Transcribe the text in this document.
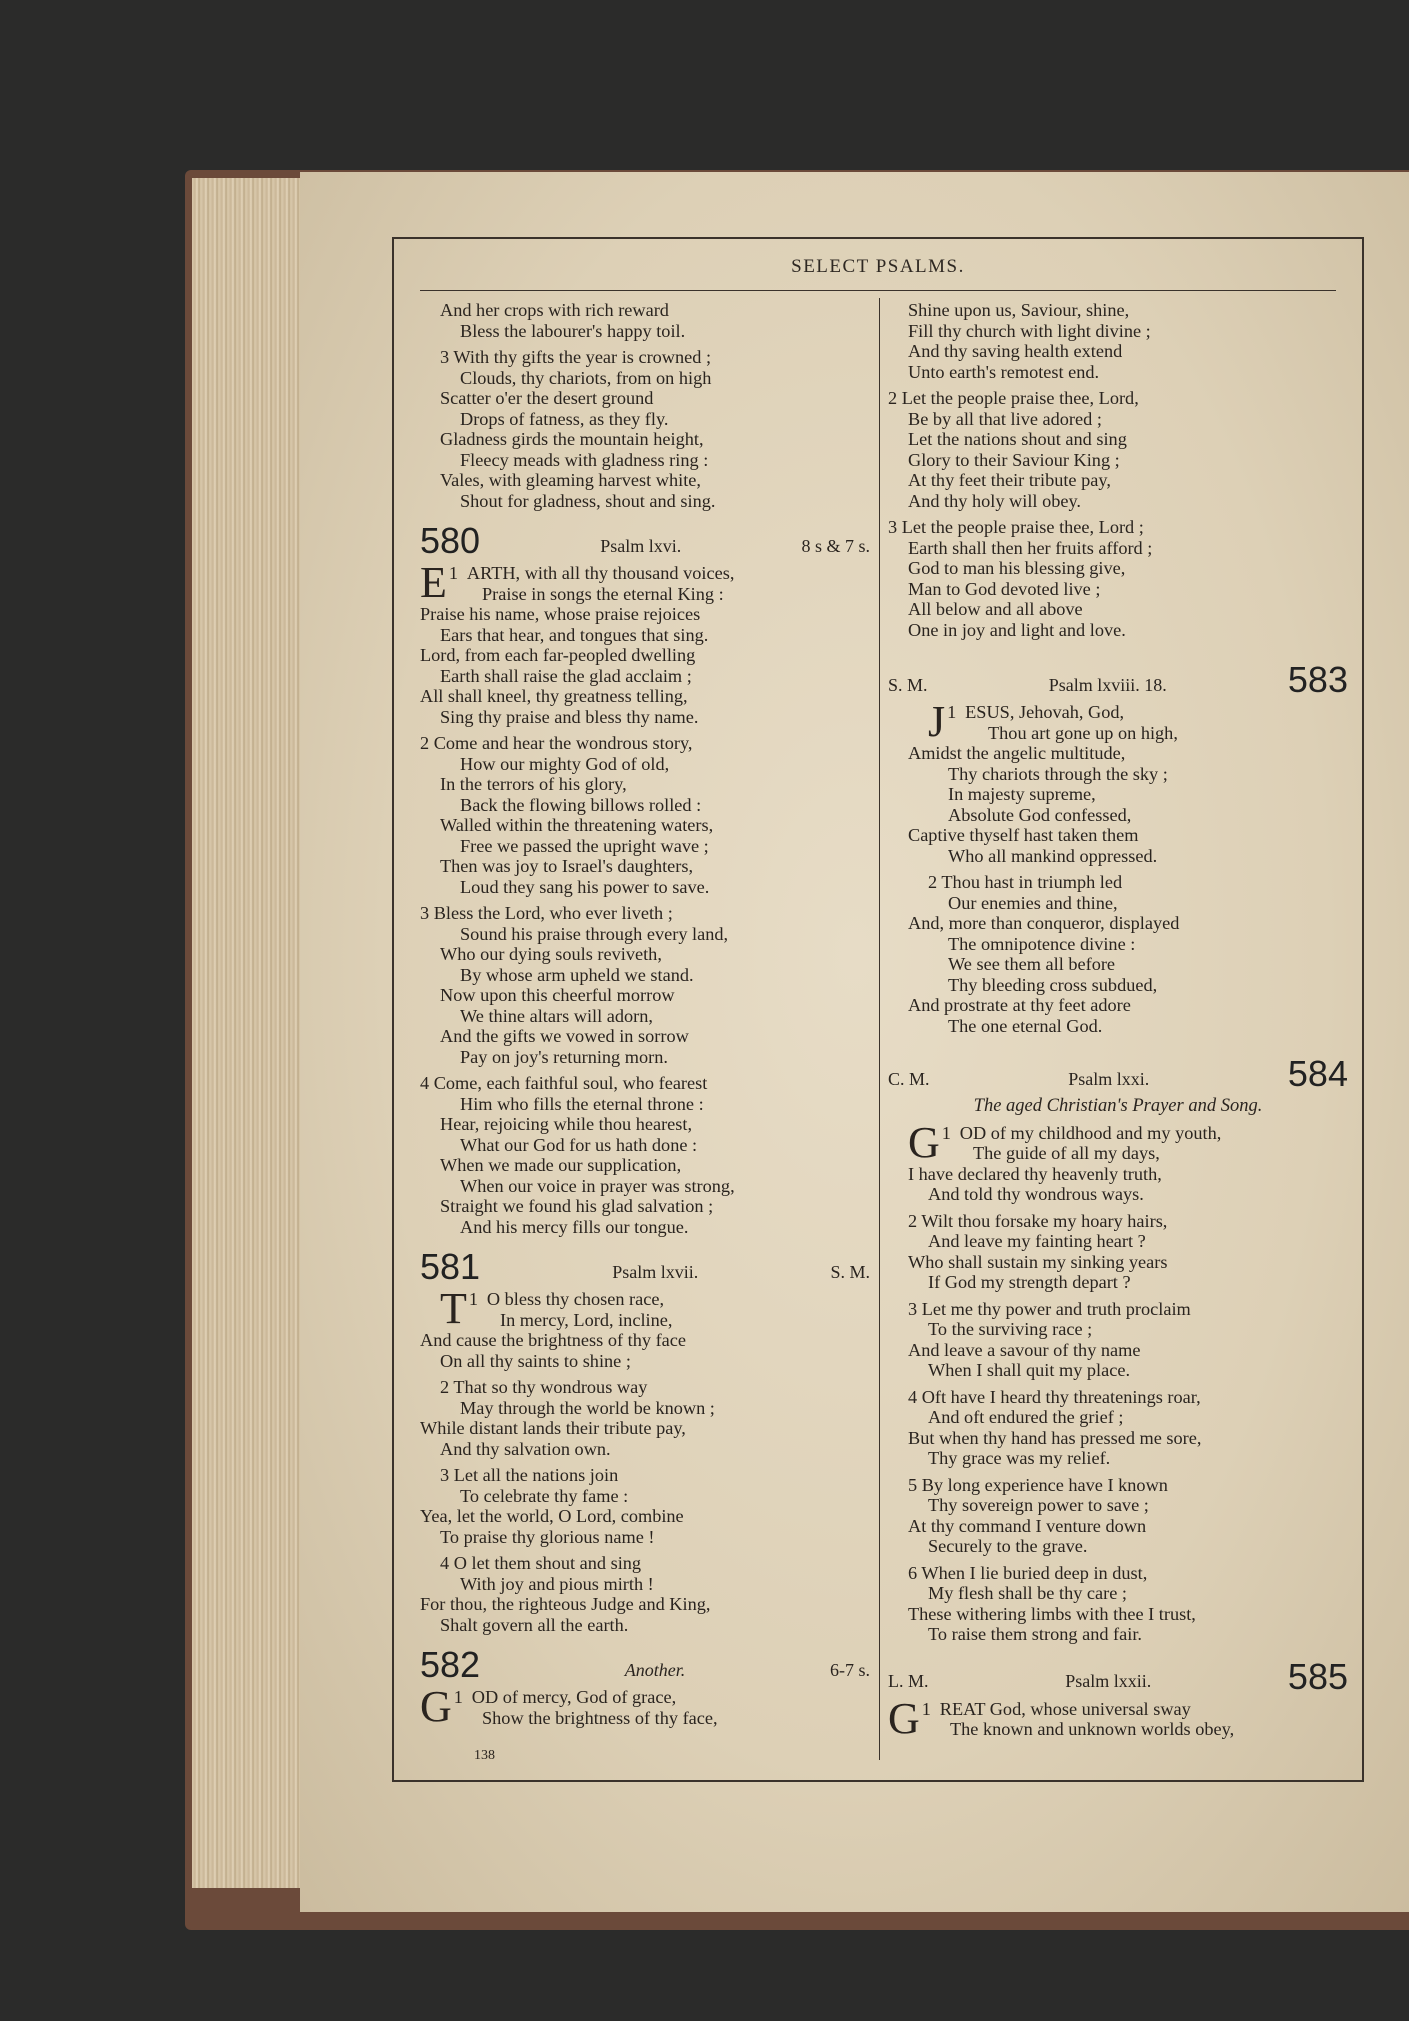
SELECT PSALMS.
And her crops with rich reward
Bless the labourer's happy toil.
3 With thy gifts the year is crowned ;
Clouds, thy chariots, from on high
Scatter o'er the desert ground
Drops of fatness, as they fly.
Gladness girds the mountain height,
Fleecy meads with gladness ring :
Vales, with gleaming harvest white,
Shout for gladness, shout and sing.
580	Psalm lxvi.	8 s & 7 s.
1
E ARTH, with all thy thousand voices,
Praise in songs the eternal King :
Praise his name, whose praise rejoices
Ears that hear, and tongues that sing.
Lord, from each far-peopled dwelling
Earth shall raise the glad acclaim ;
All shall kneel, thy greatness telling,
Sing thy praise and bless thy name.
2 Come and hear the wondrous story,
How our mighty God of old,
In the terrors of his glory,
Back the flowing billows rolled :
Walled within the threatening waters,
Free we passed the upright wave ;
Then was joy to Israel's daughters,
Loud they sang his power to save.
3 Bless the Lord, who ever liveth ;
Sound his praise through every land,
Who our dying souls reviveth,
By whose arm upheld we stand.
Now upon this cheerful morrow
We thine altars will adorn,
And the gifts we vowed in sorrow
Pay on joy's returning morn.
4 Come, each faithful soul, who fearest
Him who fills the eternal throne :
Hear, rejoicing while thou hearest,
What our God for us hath done :
When we made our supplication,
When our voice in prayer was strong,
Straight we found his glad salvation ;
And his mercy fills our tongue.
581	Psalm lxvii.	S. M.
1
T O bless thy chosen race,
In mercy, Lord, incline,
And cause the brightness of thy face
On all thy saints to shine ;
2 That so thy wondrous way
May through the world be known ;
While distant lands their tribute pay,
And thy salvation own.
3 Let all the nations join
To celebrate thy fame :
Yea, let the world, O Lord, combine
To praise thy glorious name !
4 O let them shout and sing
With joy and pious mirth !
For thou, the righteous Judge and King,
Shalt govern all the earth.
582	Another.	6-7 s.
1
G OD of mercy, God of grace,
Show the brightness of thy face,
Shine upon us, Saviour, shine,
Fill thy church with light divine ;
And thy saving health extend
Unto earth's remotest end.
2 Let the people praise thee, Lord,
Be by all that live adored ;
Let the nations shout and sing
Glory to their Saviour King ;
At thy feet their tribute pay,
And thy holy will obey.
3 Let the people praise thee, Lord ;
Earth shall then her fruits afford ;
God to man his blessing give,
Man to God devoted live ;
All below and all above
One in joy and light and love.
S. M.	Psalm lxviii. 18.	583
1
J ESUS, Jehovah, God,
Thou art gone up on high,
Amidst the angelic multitude,
Thy chariots through the sky ;
In majesty supreme,
Absolute God confessed,
Captive thyself hast taken them
Who all mankind oppressed.
2 Thou hast in triumph led
Our enemies and thine,
And, more than conqueror, displayed
The omnipotence divine :
We see them all before
Thy bleeding cross subdued,
And prostrate at thy feet adore
The one eternal God.
C. M.	Psalm lxxi.	584
The aged Christian's Prayer and Song.
1
G OD of my childhood and my youth,
The guide of all my days,
I have declared thy heavenly truth,
And told thy wondrous ways.
2 Wilt thou forsake my hoary hairs,
And leave my fainting heart ?
Who shall sustain my sinking years
If God my strength depart ?
3 Let me thy power and truth proclaim
To the surviving race ;
And leave a savour of thy name
When I shall quit my place.
4 Oft have I heard thy threatenings roar,
And oft endured the grief ;
But when thy hand has pressed me sore,
Thy grace was my relief.
5 By long experience have I known
Thy sovereign power to save ;
At thy command I venture down
Securely to the grave.
6 When I lie buried deep in dust,
My flesh shall be thy care ;
These withering limbs with thee I trust,
To raise them strong and fair.
L. M.	Psalm lxxii.	585
1
G REAT God, whose universal sway
The known and unknown worlds obey,
138
